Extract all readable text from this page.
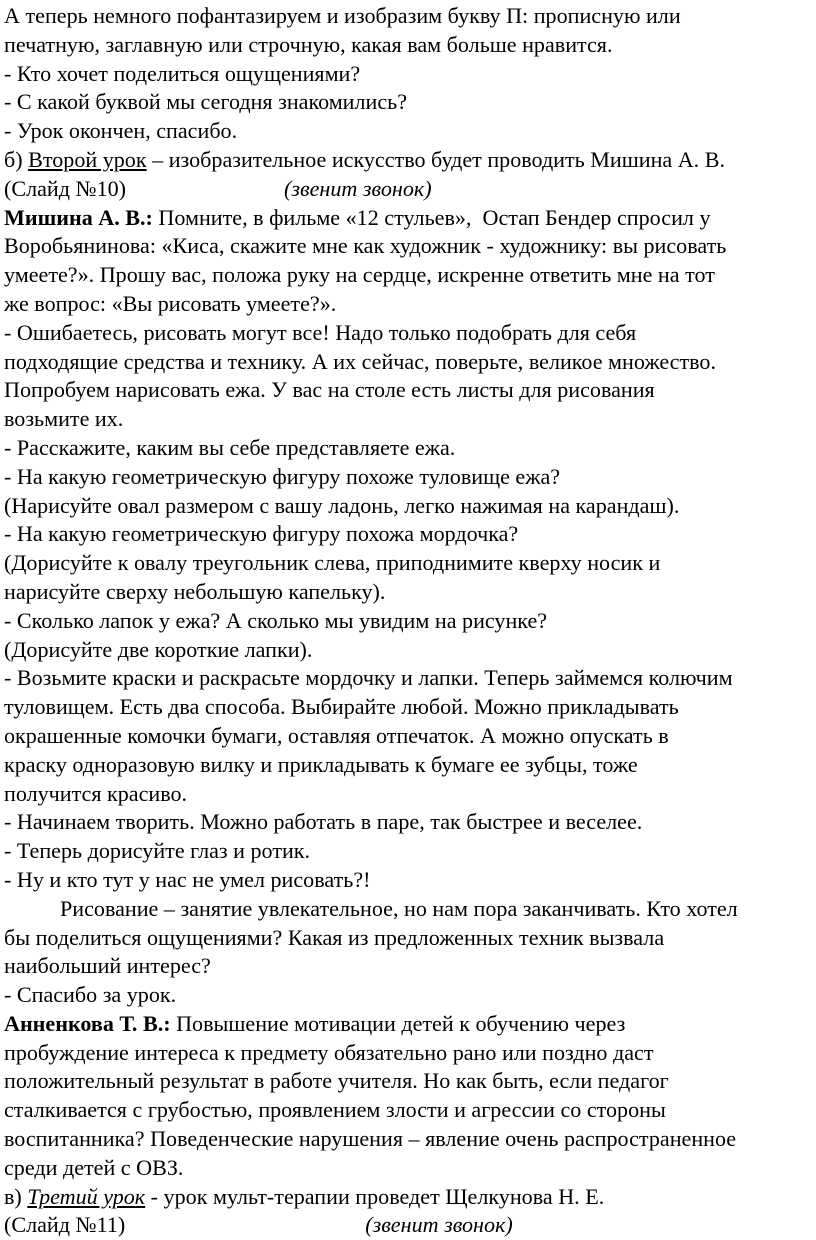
А теперь немного пофантазируем и изобразим букву П: прописную или
печатную, заглавную или строчную, какая вам больше нравится.
- Кто хочет поделиться ощущениями?
- С какой буквой мы сегодня знакомились?
- Урок окончен, спасибо.
б) Второй урок – изобразительное искусство будет проводить Мишина А. В.
(Слайд №10)	(звенит звонок)
Мишина А. В.: Помните, в фильме «12 стульев»,  Остап Бендер спросил у
Воробьянинова: «Киса, скажите мне как художник - художнику: вы рисовать
умеете?». Прошу вас, положа руку на сердце, искренне ответить мне на тот
же вопрос: «Вы рисовать умеете?».
- Ошибаетесь, рисовать могут все! Надо только подобрать для себя
подходящие средства и технику. А их сейчас, поверьте, великое множество.
Попробуем нарисовать ежа. У вас на столе есть листы для рисования
возьмите их.
- Расскажите, каким вы себе представляете ежа.
- На какую геометрическую фигуру похоже туловище ежа?
(Нарисуйте овал размером с вашу ладонь, легко нажимая на карандаш).
- На какую геометрическую фигуру похожа мордочка?
(Дорисуйте к овалу треугольник слева, приподнимите кверху носик и
нарисуйте сверху небольшую капельку).
- Сколько лапок у ежа? А сколько мы увидим на рисунке?
(Дорисуйте две короткие лапки).
- Возьмите краски и раскрасьте мордочку и лапки. Теперь займемся колючим
туловищем. Есть два способа. Выбирайте любой. Можно прикладывать
окрашенные комочки бумаги, оставляя отпечаток. А можно опускать в
краску одноразовую вилку и прикладывать к бумаге ее зубцы, тоже
получится красиво.
- Начинаем творить. Можно работать в паре, так быстрее и веселее.
- Теперь дорисуйте глаз и ротик.
- Ну и кто тут у нас не умел рисовать?!
Рисование – занятие увлекательное, но нам пора заканчивать. Кто хотел
бы поделиться ощущениями? Какая из предложенных техник вызвала
наибольший интерес?
- Спасибо за урок.
Анненкова Т. В.: Повышение мотивации детей к обучению через
пробуждение интереса к предмету обязательно рано или поздно даст
положительный результат в работе учителя. Но как быть, если педагог
сталкивается с грубостью, проявлением злости и агрессии со стороны
воспитанника? Поведенческие нарушения – явление очень распространенное
среди детей с ОВЗ.
в) Третий урок - урок мульт-терапии проведет Щелкунова Н. Е.
(Слайд №11)	(звенит звонок)
